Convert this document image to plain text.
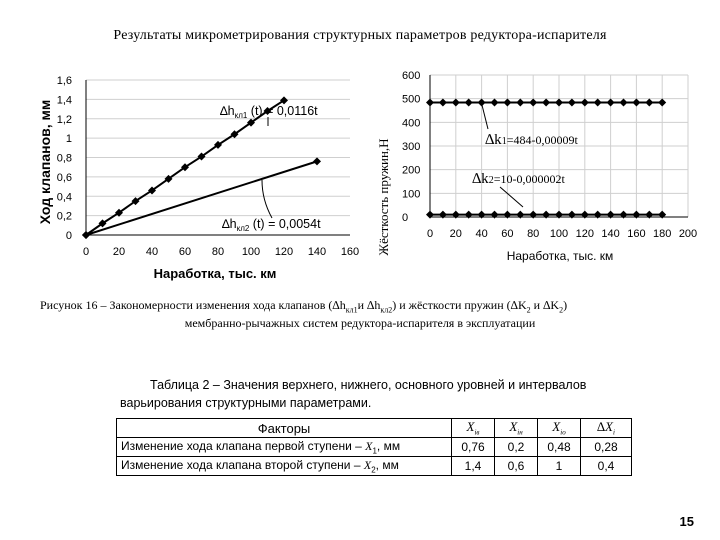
Результаты микрометрирования структурных параметров редуктора-испарителя
0 20 40 60 80 100 120 140 160
0
0,2
0,4
0,6
0,8
1
1,2
1,4
1,6
Ход клапанов, мм
Наработка, тыс. км
$\Delta h_{кл1}$ (t) = 0,0116t
$\Delta h_{кл2}$ (t) = 0,0054t
0 20 40 60 80 100 120 140 160 180 200
0
100
200
300
400
500
600
Жёсткость пружин,Н
Наработка, тыс. км
∆k1=484-0,00009t
∆k2=10-0,000002t
Рисунок 16 – Закономерности изменения хода клапанов ($\Delta h_{кл1}и$ $\Delta h_{кл2}$) и жёсткости пружин ($\Delta K_2$ и $\Delta K_2$)
мембранно-рычажных систем редуктора-испарителя в эксплуатации
Таблица 2 – Значения верхнего, нижнего, основного уровней и интервалов
варьирования структурными параметрами.
Факторы	$\overline{X}_{iв}$	$\overline{X}_{iн}$	$\overline{X}_{io}$	$\Delta\overline{X}_i$
Изменение хода клапана первой ступени – $X_1$, мм	0,76	0,2	0,48	0,28
Изменение хода клапана второй ступени – $X_2$, мм	1,4	0,6	1	0,4
15
